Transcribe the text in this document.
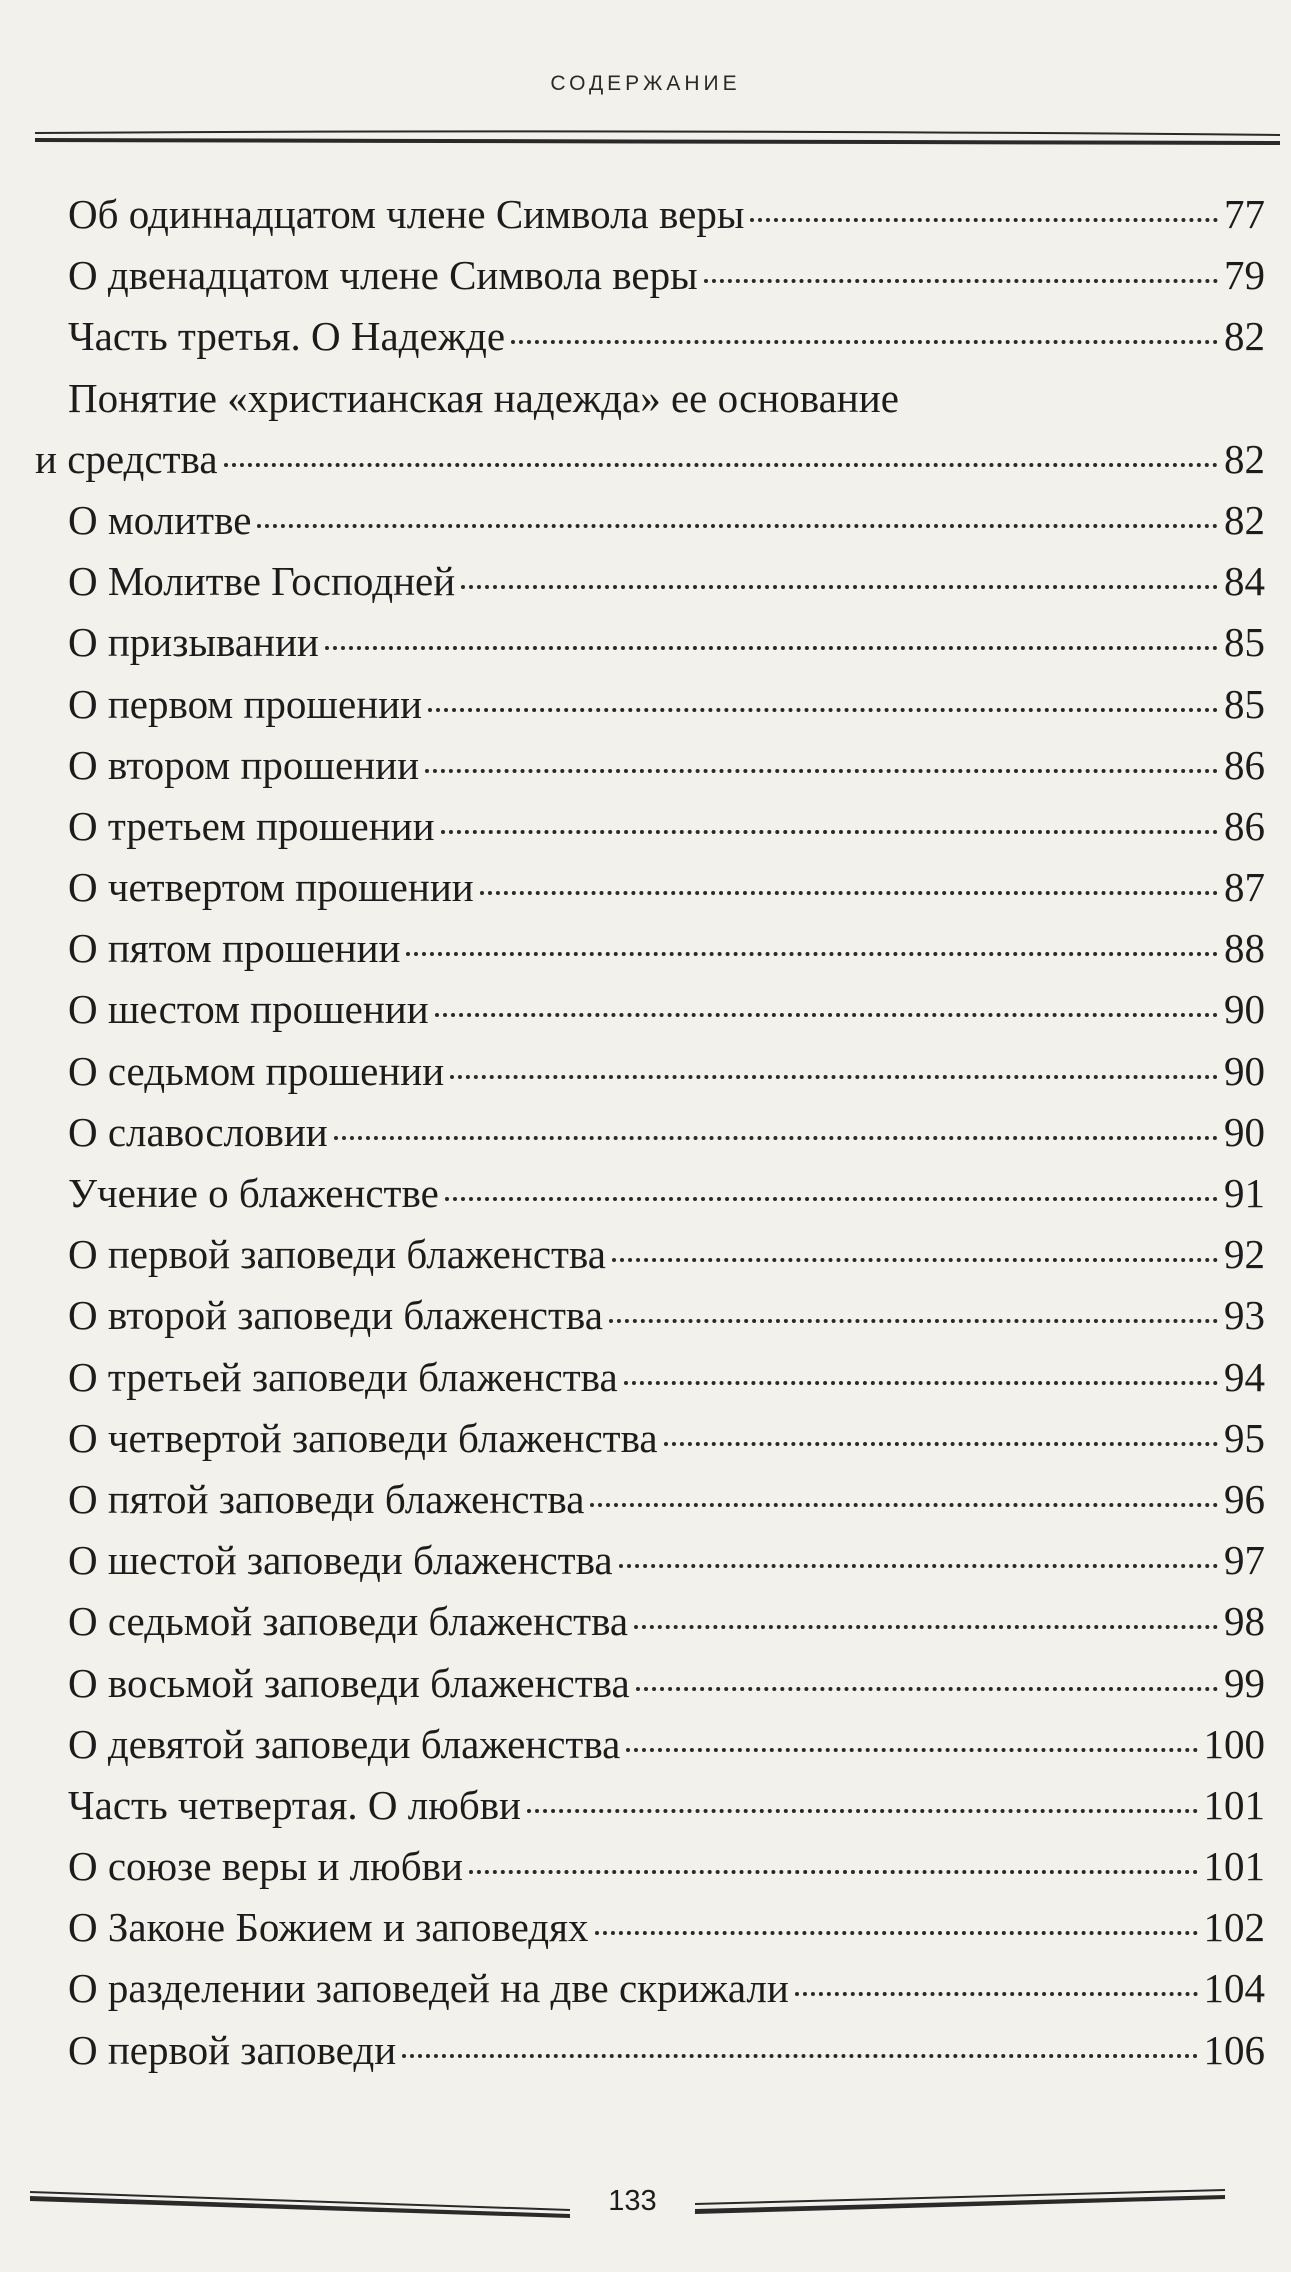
СОДЕРЖАНИЕ
Об одиннадцатом члене Символа веры	77
О двенадцатом члене Символа веры	79
Часть третья. О Надежде	82
Понятие «христианская надежда» ее основание
и средства	82
О молитве	82
О Молитве Господней	84
О призывании	85
О первом прошении	85
О втором прошении	86
О третьем прошении	86
О четвертом прошении	87
О пятом прошении	88
О шестом прошении	90
О седьмом прошении	90
О славословии	90
Учение о блаженстве	91
О первой заповеди блаженства	92
О второй заповеди блаженства	93
О третьей заповеди блаженства	94
О четвертой заповеди блаженства	95
О пятой заповеди блаженства	96
О шестой заповеди блаженства	97
О седьмой заповеди блаженства	98
О восьмой заповеди блаженства	99
О девятой заповеди блаженства	100
Часть четвертая. О любви	101
О союзе веры и любви	101
О Законе Божием и заповедях	102
О разделении заповедей на две скрижали	104
О первой заповеди	106
133
